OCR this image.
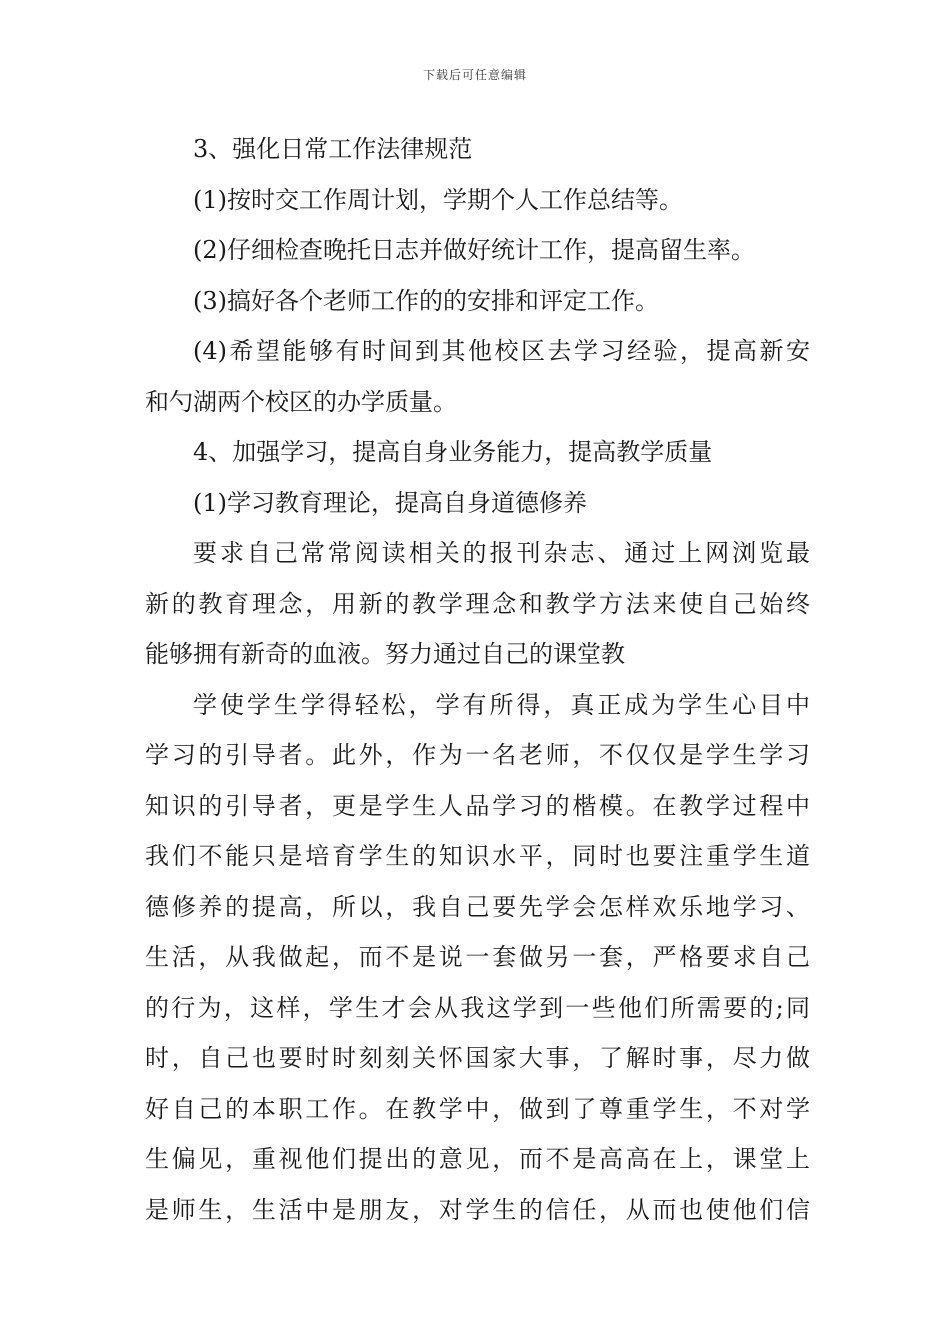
下载后可任意编辑

3、强化日常工作法律规范

(1)按时交工作周计划，学期个人工作总结等。

(2)仔细检查晚托日志并做好统计工作，提高留生率。

(3)搞好各个老师工作的的安排和评定工作。

(4)希望能够有时间到其他校区去学习经验，提高新安

和勺湖两个校区的办学质量。

4、加强学习，提高自身业务能力，提高教学质量

(1)学习教育理论，提高自身道德修养

要求自己常常阅读相关的报刊杂志、通过上网浏览最

新的教育理念，用新的教学理念和教学方法来使自己始终

能够拥有新奇的血液。努力通过自己的课堂教

学使学生学得轻松，学有所得，真正成为学生心目中

学习的引导者。此外，作为一名老师，不仅仅是学生学习

知识的引导者，更是学生人品学习的楷模。在教学过程中

我们不能只是培育学生的知识水平，同时也要注重学生道

德修养的提高，所以，我自己要先学会怎样欢乐地学习、

生活，从我做起，而不是说一套做另一套，严格要求自己

的行为，这样，学生才会从我这学到一些他们所需要的;同

时，自己也要时时刻刻关怀国家大事，了解时事，尽力做

好自己的本职工作。在教学中，做到了尊重学生，不对学

生偏见，重视他们提出的意见，而不是高高在上，课堂上

是师生，生活中是朋友，对学生的信任，从而也使他们信
